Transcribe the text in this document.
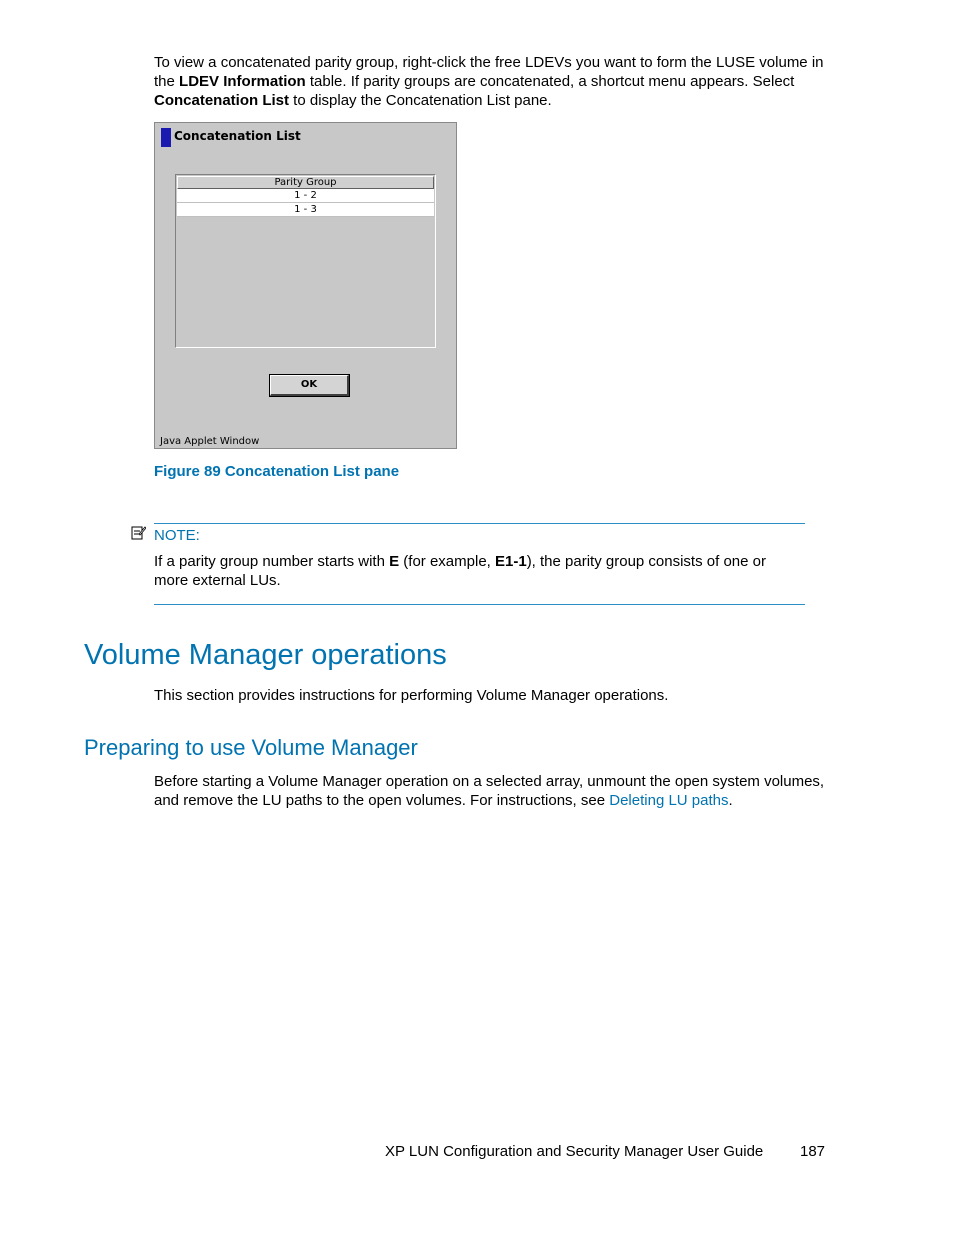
To view a concatenated parity group, right-click the free LDEVs you want to form the LUSE volume in the LDEV Information table. If parity groups are concatenated, a shortcut menu appears. Select Concatenation List to display the Concatenation List pane.
Concatenation List
Parity Group
1 - 2
1 - 3
OK
Java Applet Window
Figure 89 Concatenation List pane
NOTE:
If a parity group number starts with E (for example, E1-1), the parity group consists of one or more external LUs.
Volume Manager operations
This section provides instructions for performing Volume Manager operations.
Preparing to use Volume Manager
Before starting a Volume Manager operation on a selected array, unmount the open system volumes, and remove the LU paths to the open volumes. For instructions, see Deleting LU paths.
XP LUN Configuration and Security Manager User Guide 187
